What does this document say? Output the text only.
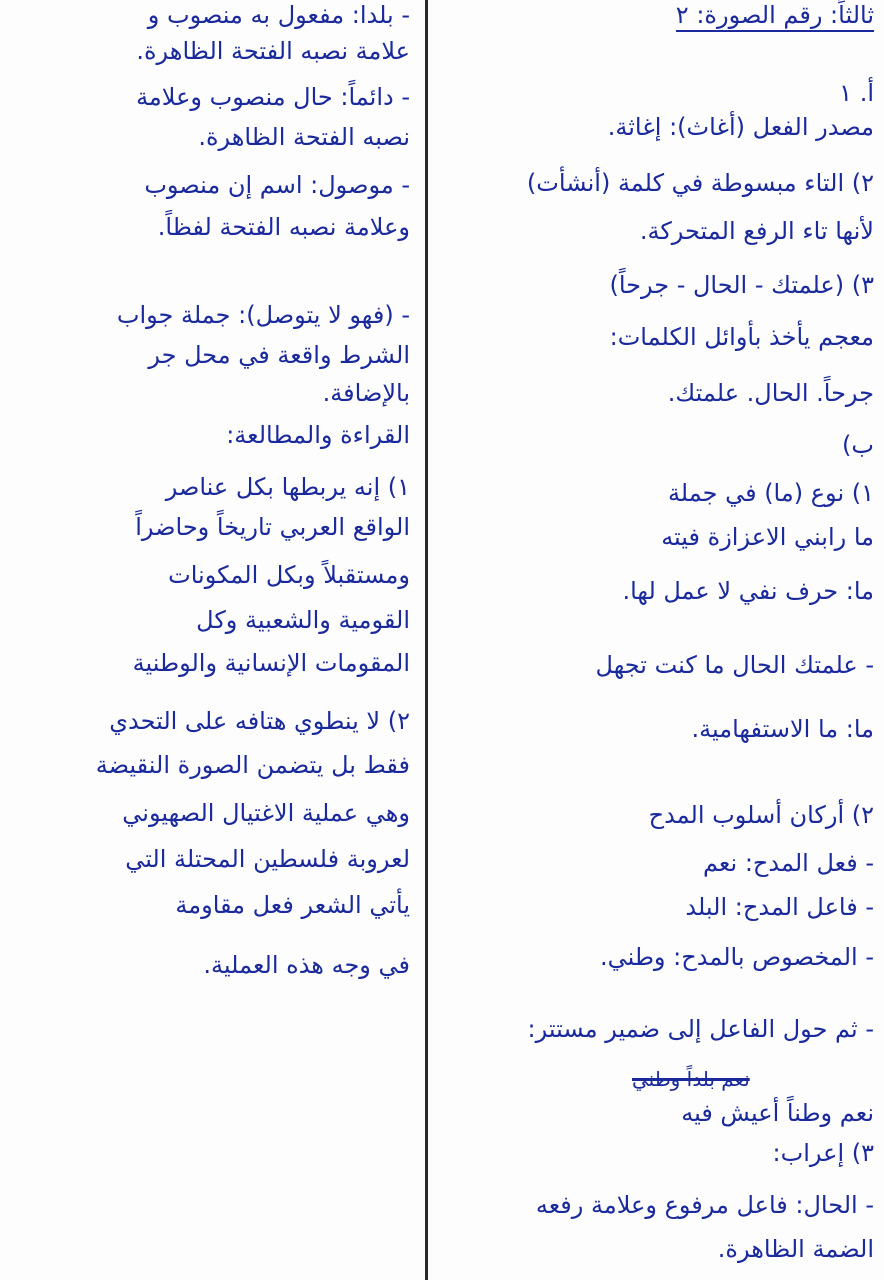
- بلدا: مفعول به منصوب و
علامة نصبه الفتحة الظاهرة.
- دائماً: حال منصوب وعلامة
نصبه الفتحة الظاهرة.
- موصول: اسم إن منصوب
وعلامة نصبه الفتحة لفظاً.
- (فهو لا يتوصل): جملة جواب
الشرط واقعة في محل جر
بالإضافة.
القراءة والمطالعة:
١) إنه يربطها بكل عناصر
الواقع العربي تاريخاً وحاضراً
ومستقبلاً وبكل المكونات
القومية والشعبية وكل
المقومات الإنسانية والوطنية
٢) لا ينطوي هتافه على التحدي
فقط بل يتضمن الصورة النقيضة
وهي عملية الاغتيال الصهيوني
لعروبة فلسطين المحتلة التي
يأتي الشعر فعل مقاومة
في وجه هذه العملية.
ثالثاً: رقم الصورة: ٢
أ. ١
مصدر الفعل (أغاث): إغاثة.
٢) التاء مبسوطة في كلمة (أنشأت)
لأنها تاء الرفع المتحركة.
٣) (علمتك - الحال - جرحاً)
معجم يأخذ بأوائل الكلمات:
جرحاً. الحال. علمتك.
ب)
١) نوع (ما) في جملة
ما رابني الاعزازة فيته
ما: حرف نفي لا عمل لها.
- علمتك الحال ما كنت تجهل
ما: ما الاستفهامية.
٢) أركان أسلوب المدح
- فعل المدح: نعم
- فاعل المدح: البلد
- المخصوص بالمدح: وطني.
- ثم حول الفاعل إلى ضمير مستتر:
نعم وطناً أعيش فيه
٣) إعراب:
- الحال: فاعل مرفوع وعلامة رفعه
الضمة الظاهرة.
نعم بلداً وطني
